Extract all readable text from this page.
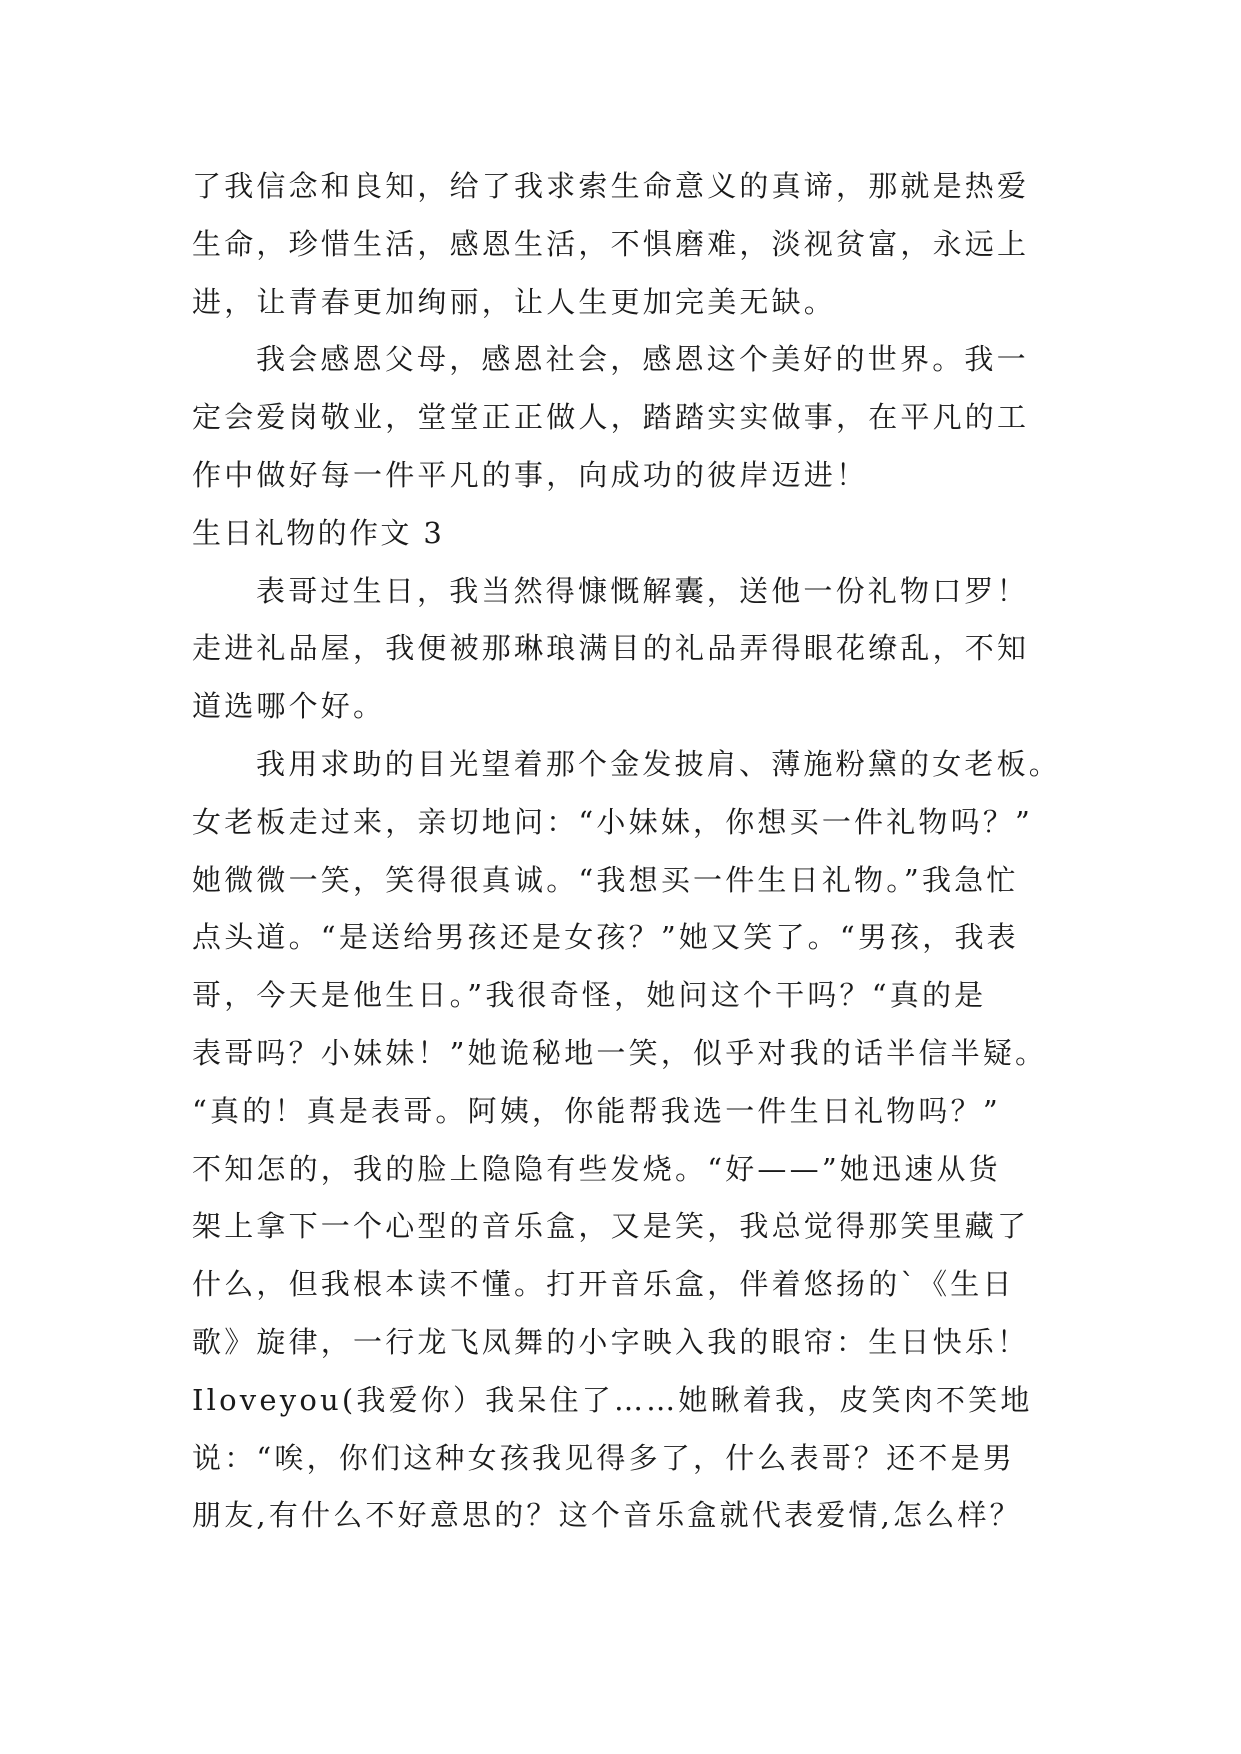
了我信念和良知，给了我求索生命意义的真谛，那就是热爱
生命，珍惜生活，感恩生活，不惧磨难，淡视贫富，永远上
进，让青春更加绚丽，让人生更加完美无缺。
我会感恩父母，感恩社会，感恩这个美好的世界。我一
定会爱岗敬业，堂堂正正做人，踏踏实实做事，在平凡的工
作中做好每一件平凡的事，向成功的彼岸迈进！
生日礼物的作文 3
表哥过生日，我当然得慷慨解囊，送他一份礼物口罗！
走进礼品屋，我便被那琳琅满目的礼品弄得眼花缭乱，不知
道选哪个好。
我用求助的目光望着那个金发披肩、薄施粉黛的女老板。
女老板走过来，亲切地问：“小妹妹，你想买一件礼物吗？”
她微微一笑，笑得很真诚。“我想买一件生日礼物。”我急忙
点头道。“是送给男孩还是女孩？”她又笑了。“男孩，我表
哥，今天是他生日。”我很奇怪，她问这个干吗？“真的是
表哥吗？小妹妹！”她诡秘地一笑，似乎对我的话半信半疑。
“真的！真是表哥。阿姨，你能帮我选一件生日礼物吗？”
不知怎的，我的脸上隐隐有些发烧。“好——”她迅速从货
架上拿下一个心型的音乐盒，又是笑，我总觉得那笑里藏了
什么，但我根本读不懂。打开音乐盒，伴着悠扬的`《生日
歌》旋律，一行龙飞凤舞的小字映入我的眼帘：生日快乐！
Iloveyou(我爱你）我呆住了……她瞅着我，皮笑肉不笑地
说：“唉，你们这种女孩我见得多了，什么表哥？还不是男
朋友,有什么不好意思的？这个音乐盒就代表爱情,怎么样？
